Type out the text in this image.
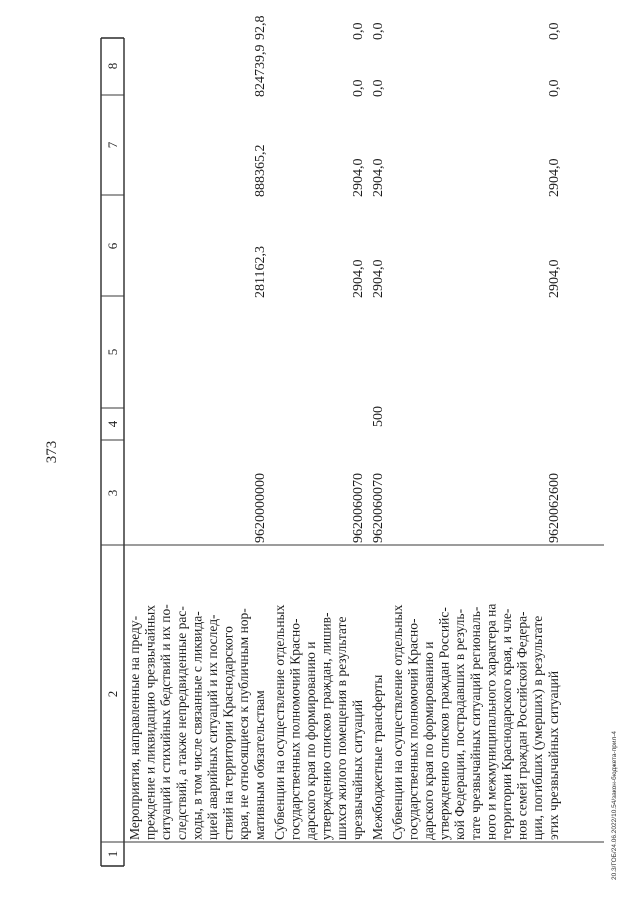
373
20.3/ГОБ/24.06.2022/10.54/закон-бюджета-прил-4
1
2
3
4
5
6
7
8
Мероприятия, направленные на преду- преждение и ликвидацию чрезвычайных ситуаций и стихийных бедствий и их по- следствий, а также непредвиденные рас- ходы, в том числе связанные с ликвида- цией аварийных ситуаций и их послед- ствий на территории Краснодарского края, не относящиеся к публичным нор- мативным обязательствам
9620000000
281162,3
888365,2
824739,9
92,8
Субвенции на осуществление отдельных государственных полномочий Красно- дарского края по формированию и утверждению списков граждан, лишив- шихся жилого помещения в результате чрезвычайных ситуаций
9620060070
2904,0
2904,0
0,0
0,0
Межбюджетные трансферты
9620060070
500
2904,0
2904,0
0,0
0,0
Субвенции на осуществление отдельных государственных полномочий Красно- дарского края по формированию и утверждению списков граждан Российс- кой Федерации, пострадавших в резуль- тате чрезвычайных ситуаций региональ- ного и межмуниципального характера на территории Краснодарского края, и чле- нов семей граждан Российской Федера- ции, погибших (умерших) в результате этих чрезвычайных ситуаций
9620062600
2904,0
2904,0
0,0
0,0
